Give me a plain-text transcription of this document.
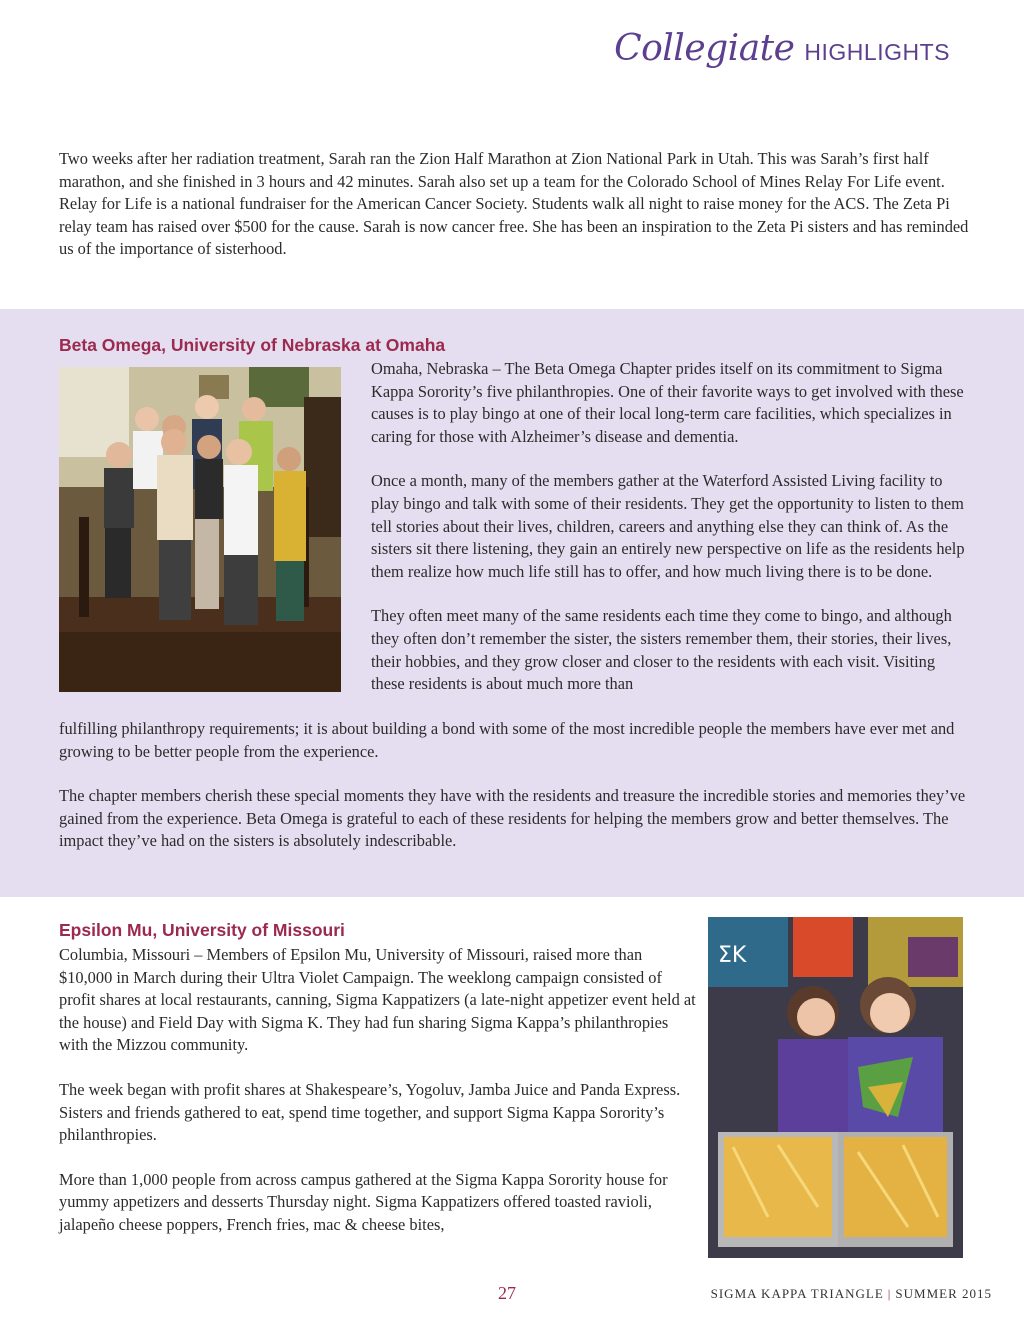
Collegiate HIGHLIGHTS

Two weeks after her radiation treatment, Sarah ran the Zion Half Marathon at Zion National Park in Utah. This was Sarah’s first half marathon, and she finished in 3 hours and 42 minutes. Sarah also set up a team for the Colorado School of Mines Relay For Life event. Relay for Life is a national fundraiser for the American Cancer Society. Students walk all night to raise money for the ACS. The Zeta Pi relay team has raised over $500 for the cause. Sarah is now cancer free. She has been an inspiration to the Zeta Pi sisters and has reminded us of the importance of sisterhood.

Beta Omega, University of Nebraska at Omaha

Omaha, Nebraska – The Beta Omega Chapter prides itself on its commitment to Sigma Kappa Sorority’s five philanthropies. One of their favorite ways to get involved with these causes is to play bingo at one of their local long-term care facilities, which specializes in caring for those with Alzheimer’s disease and dementia.

Once a month, many of the members gather at the Waterford Assisted Living facility to play bingo and talk with some of their residents. They get the opportunity to listen to them tell stories about their lives, children, careers and anything else they can think of. As the sisters sit there listening, they gain an entirely new perspective on life as the residents help them realize how much life still has to offer, and how much living there is to be done.

They often meet many of the same residents each time they come to bingo, and although they often don’t remember the sister, the sisters remember them, their stories, their lives, their hobbies, and they grow closer and closer to the residents with each visit. Visiting these residents is about much more than

fulfilling philanthropy requirements; it is about building a bond with some of the most incredible people the members have ever met and growing to be better people from the experience.

The chapter members cherish these special moments they have with the residents and treasure the incredible stories and memories they’ve gained from the experience. Beta Omega is grateful to each of these residents for helping the members grow and better themselves. The impact they’ve had on the sisters is absolutely indescribable.

Epsilon Mu, University of Missouri

Columbia, Missouri – Members of Epsilon Mu, University of Missouri, raised more than $10,000 in March during their Ultra Violet Campaign. The weeklong campaign consisted of profit shares at local restaurants, canning, Sigma Kappatizers (a late-night appetizer event held at the house) and Field Day with Sigma K. They had fun sharing Sigma Kappa’s philanthropies with the Mizzou community.

The week began with profit shares at Shakespeare’s, Yogoluv, Jamba Juice and Panda Express. Sisters and friends gathered to eat, spend time together, and support Sigma Kappa Sorority’s philanthropies.

More than 1,000 people from across campus gathered at the Sigma Kappa Sorority house for yummy appetizers and desserts Thursday night. Sigma Kappatizers offered toasted ravioli, jalapeño cheese poppers, French fries, mac & cheese bites,

ΣK
27	SIGMA KAPPA TRIANGLE | SUMMER 2015
